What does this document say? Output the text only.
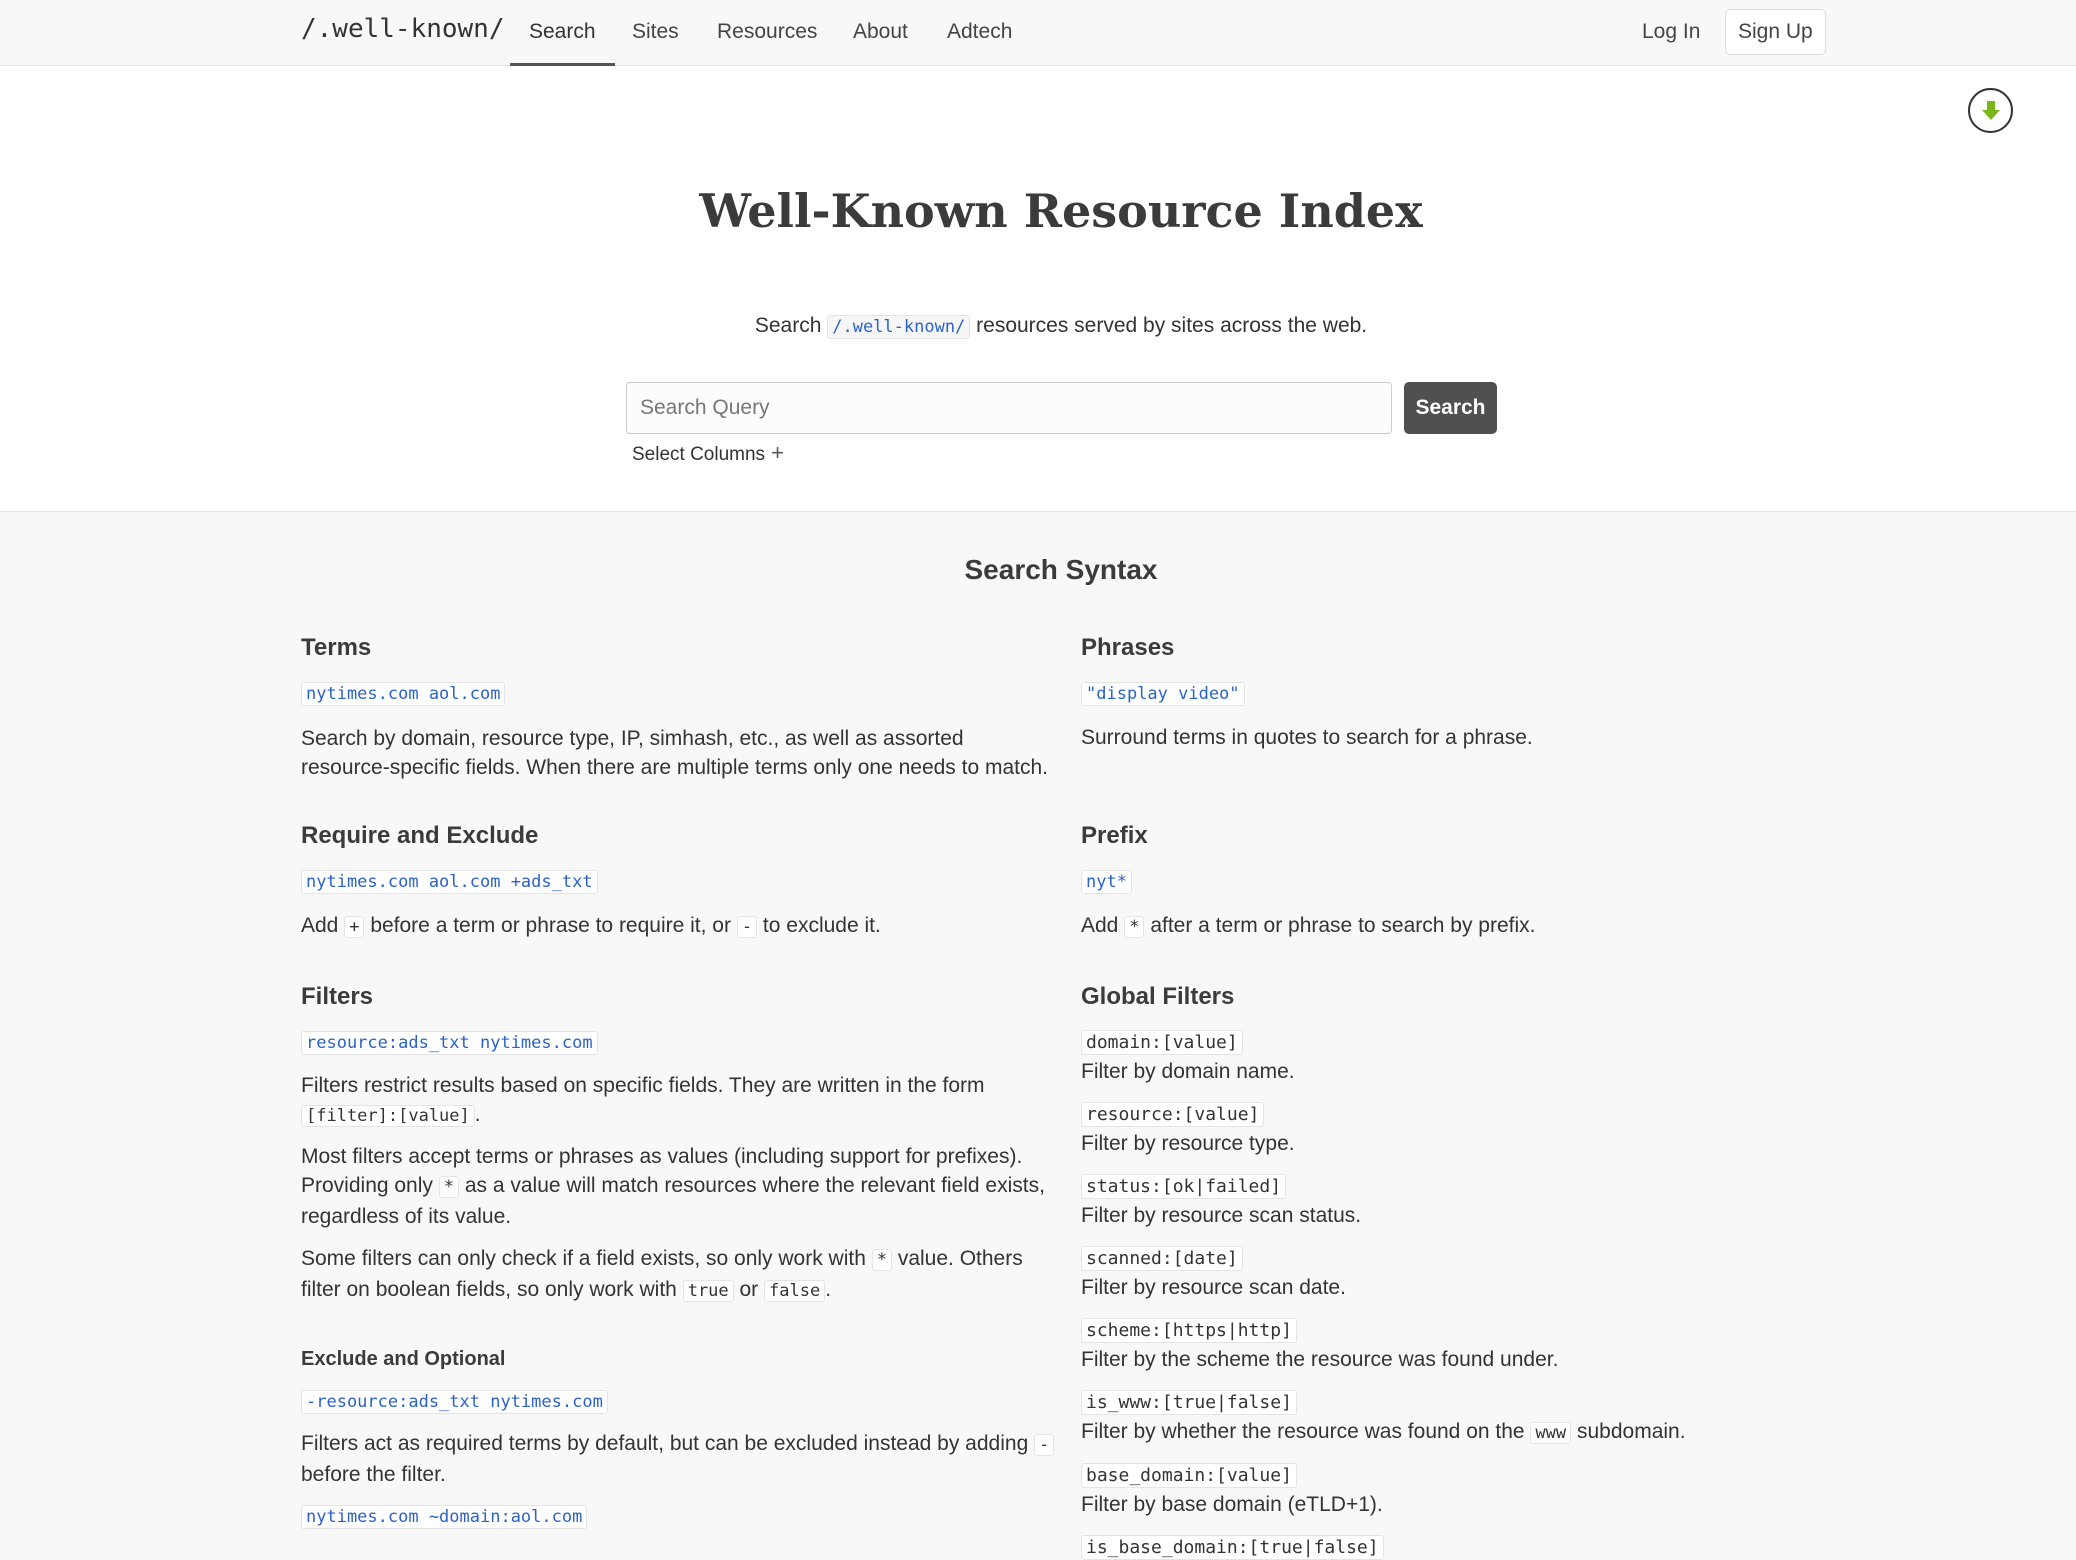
/.well-known/	Search	Sites	Resources	About	Adtech	Log In	Sign Up
Well-Known Resource Index
Search /.well-known/ resources served by sites across the web.
Search Query
Search
Select Columns +
Search Syntax
Terms
nytimes.com aol.com
Search by domain, resource type, IP, simhash, etc., as well as assorted resource-specific fields. When there are multiple terms only one needs to match.
Require and Exclude
nytimes.com aol.com +ads_txt
Add + before a term or phrase to require it, or - to exclude it.
Filters
resource:ads_txt nytimes.com
Filters restrict results based on specific fields. They are written in the form [filter]:[value] .
Most filters accept terms or phrases as values (including support for prefixes). Providing only * as a value will match resources where the relevant field exists, regardless of its value.
Some filters can only check if a field exists, so only work with * value. Others filter on boolean fields, so only work with true or false .
Exclude and Optional
-resource:ads_txt nytimes.com
Filters act as required terms by default, but can be excluded instead by adding - before the filter.
nytimes.com ~domain:aol.com
Phrases
"display video"
Surround terms in quotes to search for a phrase.
Prefix
nyt*
Add * after a term or phrase to search by prefix.
Global Filters
domain:[value]
Filter by domain name.
resource:[value]
Filter by resource type.
status:[ok|failed]
Filter by resource scan status.
scanned:[date]
Filter by resource scan date.
scheme:[https|http]
Filter by the scheme the resource was found under.
is_www:[true|false]
Filter by whether the resource was found on the www subdomain.
base_domain:[value]
Filter by base domain (eTLD+1).
is_base_domain:[true|false]
